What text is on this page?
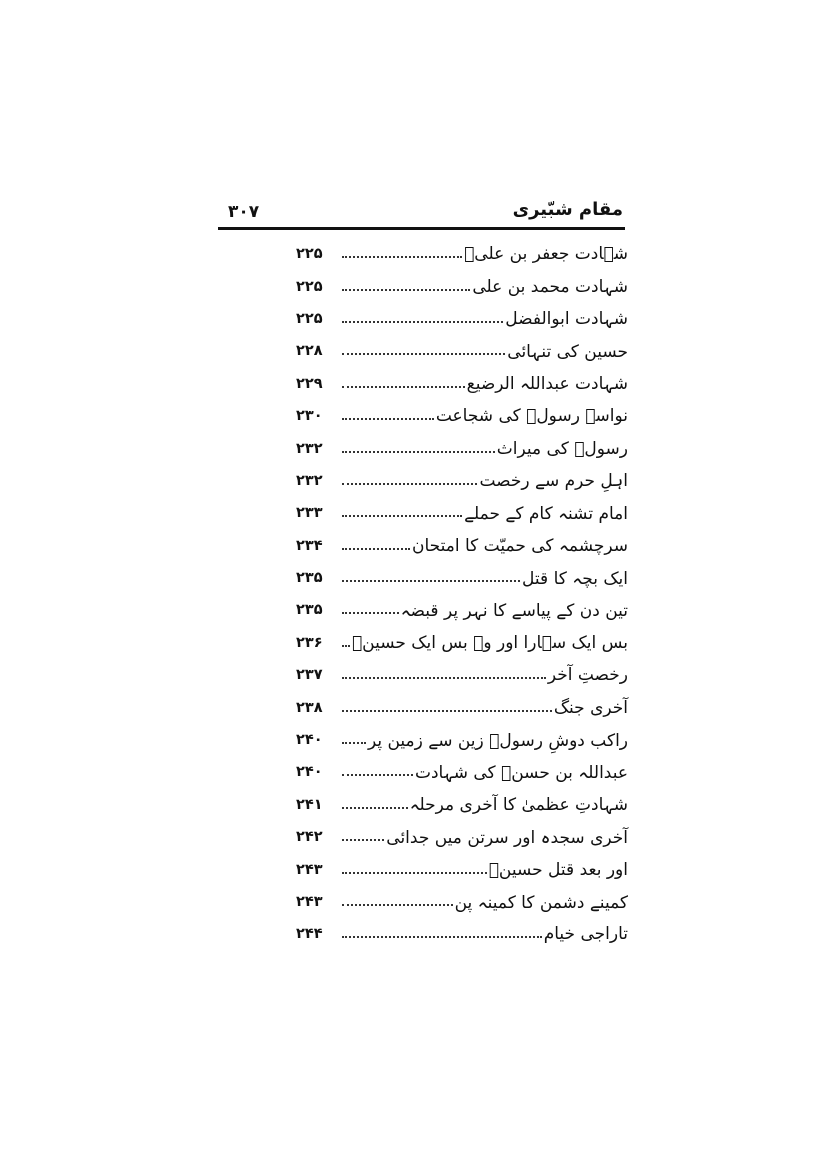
۳۰۷	مقام شبّیری
۲۲۵	شہادت جعفر بن علیؑ
۲۲۵	شہادت محمد بن علی
۲۲۵	شہادت ابوالفضل
۲۲۸	حسین کی تنہائی
۲۲۹	شہادت عبداللہ الرضیع
۲۳۰	نواسۂ رسولؐ کی شجاعت
۲۳۲	رسولؐ کی میراث
۲۳۲	اہلِ حرم سے رخصت
۲۳۳	امام تشنہ کام کے حملے
۲۳۴	سرچشمہ کی حمیّت کا امتحان
۲۳۵	ایک بچہ کا قتل
۲۳۵	تین دن کے پیاسے کا نہر پر قبضہ
۲۳۶	بس ایک سہارا اور وہ بس ایک حسینؑ
۲۳۷	رخصتِ آخر
۲۳۸	آخری جنگ
۲۴۰	راکب دوشِ رسولؐ زین سے زمین پر
۲۴۰	عبداللہ بن حسنؑ کی شہادت
۲۴۱	شہادتِ عظمیٰ کا آخری مرحلہ
۲۴۲	آخری سجدہ اور سرتن میں جدائی
۲۴۳	اور بعد قتل حسینؑ
۲۴۳	کمینے دشمن کا کمینہ پن
۲۴۴	تاراجی خیام
